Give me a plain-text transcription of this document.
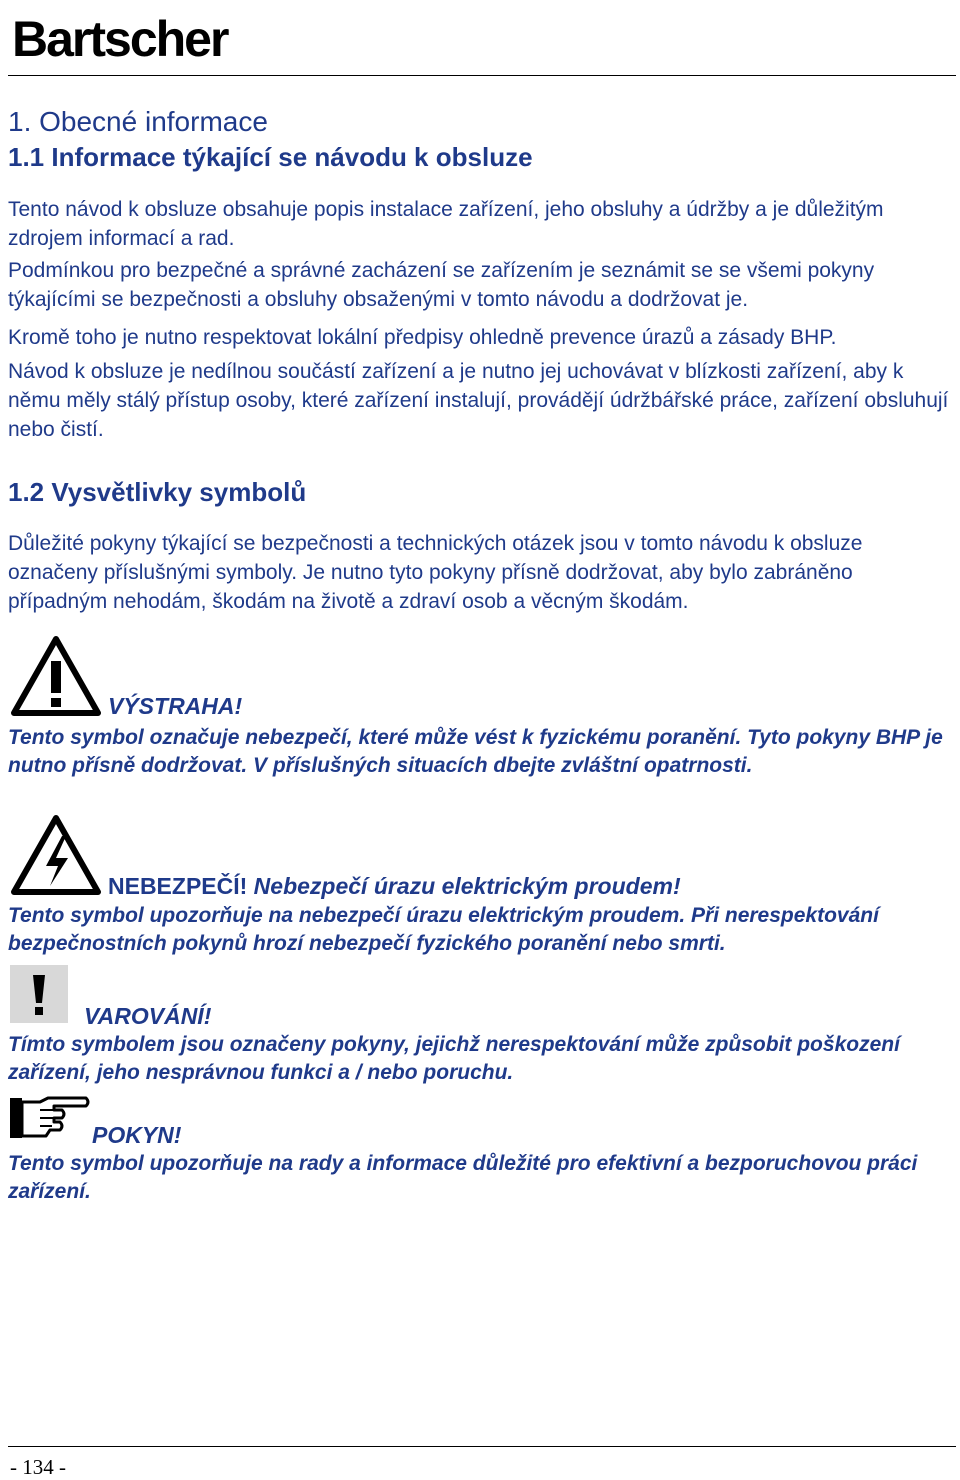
Bartscher
1. Obecné informace
1.1 Informace týkající se návodu k obsluze

Tento návod k obsluze obsahuje popis instalace zařízení, jeho obsluhy a údržby a je důležitým zdrojem informací a rad.

Podmínkou pro bezpečné a správné zacházení se zařízením je seznámit se se všemi pokyny týkajícími se bezpečnosti a obsluhy obsaženými v tomto návodu a dodržovat je.

Kromě toho je nutno respektovat lokální předpisy ohledně prevence úrazů a zásady BHP.

Návod k obsluze je nedílnou součástí zařízení a je nutno jej uchovávat v blízkosti zařízení, aby k němu měly stálý přístup osoby, které zařízení instalují, provádějí údržbářské práce, zařízení obsluhují nebo čistí.

1.2 Vysvětlivky symbolů

Důležité pokyny týkající se bezpečnosti a technických otázek jsou v tomto návodu k obsluze označeny příslušnými symboly. Je nutno tyto pokyny přísně dodržovat, aby bylo zabráněno případným nehodám, škodám na životě a zdraví osob a věcným škodám.

VÝSTRAHA!

Tento symbol označuje nebezpečí, které může vést k fyzickému poranění. Tyto pokyny BHP je nutno přísně dodržovat. V příslušných situacích dbejte zvláštní opatrnosti.

NEBEZPEČÍ! Nebezpečí úrazu elektrickým proudem!

Tento symbol upozorňuje na nebezpečí úrazu elektrickým proudem. Při nerespektování bezpečnostních pokynů hrozí nebezpečí fyzického poranění nebo smrti.

VAROVÁNÍ!

Tímto symbolem jsou označeny pokyny, jejichž nerespektování může způsobit poškození zařízení, jeho nesprávnou funkci a / nebo poruchu.

POKYN!

Tento symbol upozorňuje na rady a informace důležité pro efektivní a bezporuchovou práci zařízení.

- 134 -
